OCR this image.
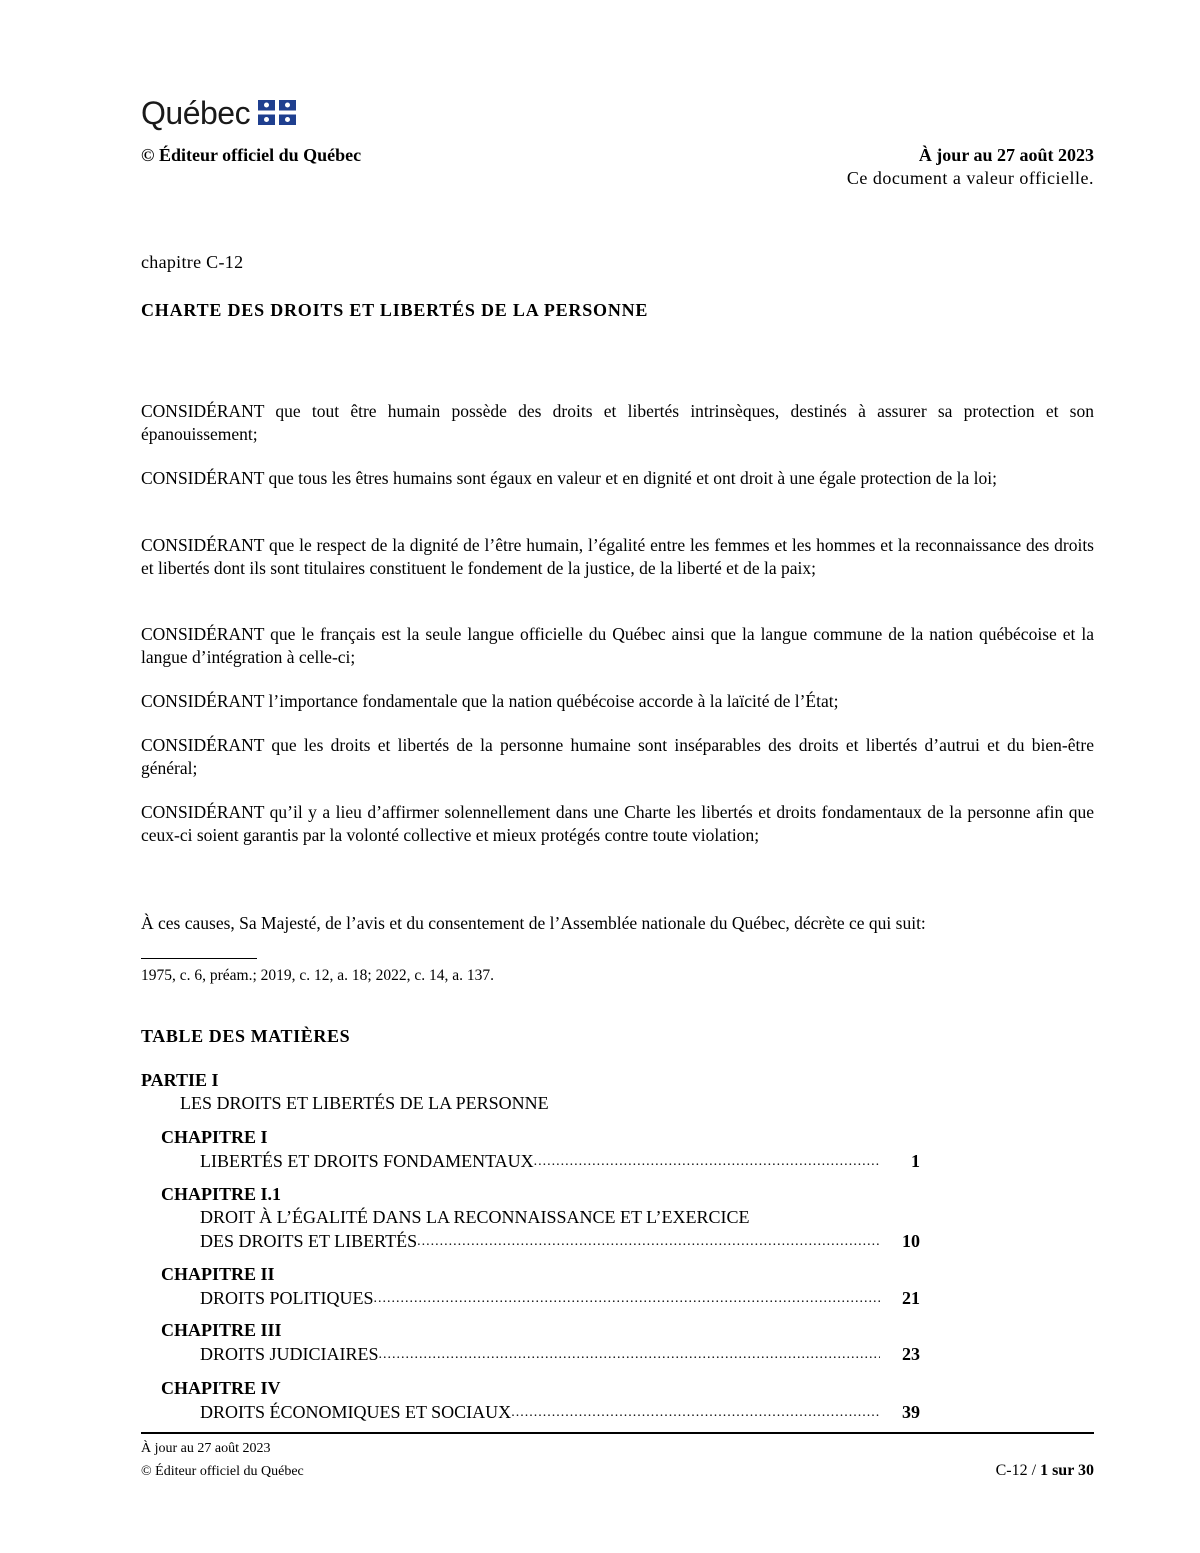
Québec
© Éditeur officiel du Québec	À jour au 27 août 2023
Ce document a valeur officielle.
chapitre C-12
CHARTE DES DROITS ET LIBERTÉS DE LA PERSONNE
CONSIDÉRANT que tout être humain possède des droits et libertés intrinsèques, destinés à assurer sa protection et son épanouissement;
CONSIDÉRANT que tous les êtres humains sont égaux en valeur et en dignité et ont droit à une égale protection de la loi;
CONSIDÉRANT que le respect de la dignité de l’être humain, l’égalité entre les femmes et les hommes et la reconnaissance des droits et libertés dont ils sont titulaires constituent le fondement de la justice, de la liberté et de la paix;
CONSIDÉRANT que le français est la seule langue officielle du Québec ainsi que la langue commune de la nation québécoise et la langue d’intégration à celle-ci;
CONSIDÉRANT l’importance fondamentale que la nation québécoise accorde à la laïcité de l’État;
CONSIDÉRANT que les droits et libertés de la personne humaine sont inséparables des droits et libertés d’autrui et du bien-être général;
CONSIDÉRANT qu’il y a lieu d’affirmer solennellement dans une Charte les libertés et droits fondamentaux de la personne afin que ceux-ci soient garantis par la volonté collective et mieux protégés contre toute violation;
À ces causes, Sa Majesté, de l’avis et du consentement de l’Assemblée nationale du Québec, décrète ce qui suit:
1975, c. 6, préam.; 2019, c. 12, a. 18; 2022, c. 14, a. 137.
TABLE DES MATIÈRES
PARTIE I
LES DROITS ET LIBERTÉS DE LA PERSONNE
CHAPITRE I
LIBERTÉS ET DROITS FONDAMENTAUX .....	1
CHAPITRE I.1
DROIT À L’ÉGALITÉ DANS LA RECONNAISSANCE ET L’EXERCICE
DES DROITS ET LIBERTÉS .....	10
CHAPITRE II
DROITS POLITIQUES .....	21
CHAPITRE III
DROITS JUDICIAIRES .....	23
CHAPITRE IV
DROITS ÉCONOMIQUES ET SOCIAUX .....	39
À jour au 27 août 2023
© Éditeur officiel du Québec	C-12 / 1 sur 30
